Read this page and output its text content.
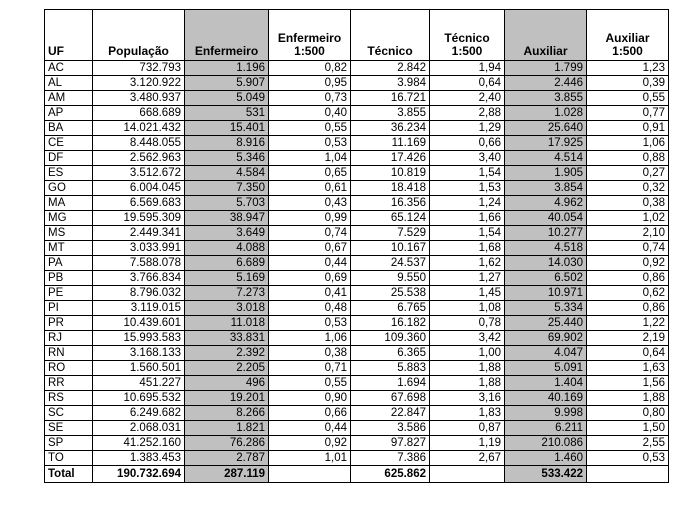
UF	População	Enfermeiro	Enfermeiro 1:500	Técnico	Técnico 1:500	Auxiliar	Auxiliar 1:500
AC	732.793	1.196	0,82	2.842	1,94	1.799	1,23
AL	3.120.922	5.907	0,95	3.984	0,64	2.446	0,39
AM	3.480.937	5.049	0,73	16.721	2,40	3.855	0,55
AP	668.689	531	0,40	3.855	2,88	1.028	0,77
BA	14.021.432	15.401	0,55	36.234	1,29	25.640	0,91
CE	8.448.055	8.916	0,53	11.169	0,66	17.925	1,06
DF	2.562.963	5.346	1,04	17.426	3,40	4.514	0,88
ES	3.512.672	4.584	0,65	10.819	1,54	1.905	0,27
GO	6.004.045	7.350	0,61	18.418	1,53	3.854	0,32
MA	6.569.683	5.703	0,43	16.356	1,24	4.962	0,38
MG	19.595.309	38.947	0,99	65.124	1,66	40.054	1,02
MS	2.449.341	3.649	0,74	7.529	1,54	10.277	2,10
MT	3.033.991	4.088	0,67	10.167	1,68	4.518	0,74
PA	7.588.078	6.689	0,44	24.537	1,62	14.030	0,92
PB	3.766.834	5.169	0,69	9.550	1,27	6.502	0,86
PE	8.796.032	7.273	0,41	25.538	1,45	10.971	0,62
PI	3.119.015	3.018	0,48	6.765	1,08	5.334	0,86
PR	10.439.601	11.018	0,53	16.182	0,78	25.440	1,22
RJ	15.993.583	33.831	1,06	109.360	3,42	69.902	2,19
RN	3.168.133	2.392	0,38	6.365	1,00	4.047	0,64
RO	1.560.501	2.205	0,71	5.883	1,88	5.091	1,63
RR	451.227	496	0,55	1.694	1,88	1.404	1,56
RS	10.695.532	19.201	0,90	67.698	3,16	40.169	1,88
SC	6.249.682	8.266	0,66	22.847	1,83	9.998	0,80
SE	2.068.031	1.821	0,44	3.586	0,87	6.211	1,50
SP	41.252.160	76.286	0,92	97.827	1,19	210.086	2,55
TO	1.383.453	2.787	1,01	7.386	2,67	1.460	0,53
Total	190.732.694	287.119		625.862		533.422	
